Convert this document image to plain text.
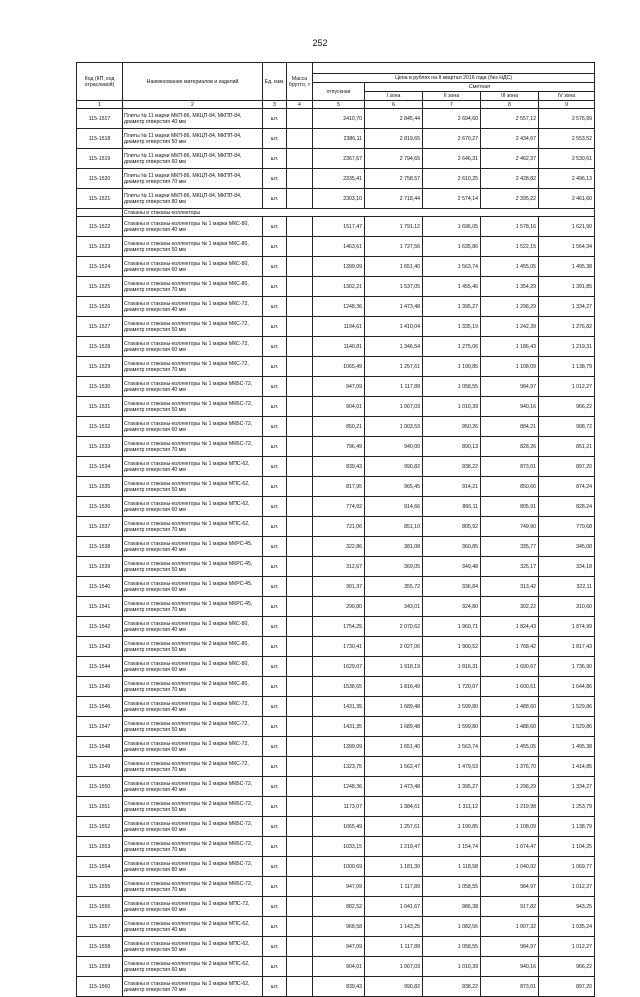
252
Код (КП, код отраслевой)	Наименование материалов и изделий	Ед. изм.	Масса брутто, т					
				Цена в рублях на II квартал 2016 года (без НДС)				
				отпускная	Сметная			
					I зона	II зона	III зона	IV зона
1	2	3	4	5	6	7	8	9
115-1517	Плиты № 11 марки МКП-86, МКЦП-84, МКПП-84, диаметр отверстия 40 мм	шт.		2410,70	2 845,44	2 694,60	2 557,12	2 576,99
115-1518	Плиты № 11 марки МКП-86, МКЦП-84, МКПП-84, диаметр отверстия 50 мм	шт.		2386,11	2 819,65	2 670,27	2 434,67	2 553,52
115-1519	Плиты № 11 марки МКП-86, МКЦП-84, МКПП-84, диаметр отверстия 60 мм	шт.		2367,67	2 794,65	2 646,31	2 462,37	2 530,61
115-1520	Плиты № 11 марки МКП-86, МКЦП-84, МКПП-84, диаметр отверстия 70 мм	шт.		2335,41	2 758,57	2 610,25	2 428,82	2 496,13
115-1521	Плиты № 11 марки МКП-86, МКЦП-84, МКПП-84, диаметр отверстия 80 мм	шт.		2303,10	2 718,44	2 574,14	2 395,22	2 461,60
	Стаканы и стаканы-коллекторы							
115-1522	Стаканы и стаканы-коллекторы № 1 марки МКС-80, диаметр отверстия 40 мм	шт.		1517,47	1 791,12	1 696,05	1 578,16	1 621,90
115-1523	Стаканы и стаканы-коллекторы № 1 марки МКС-80, диаметр отверстия 50 мм	шт.		1463,61	1 727,56	1 635,86	1 522,15	1 564,34
115-1524	Стаканы и стаканы-коллекторы № 1 марки МКС-80, диаметр отверстия 60 мм	шт.		1399,09	1 651,40	1 563,74	1 455,05	1 495,38
115-1525	Стаканы и стаканы-коллекторы № 1 марки МКС-80, диаметр отверстия 70 мм	шт.		1302,21	1 537,05	1 455,46	1 354,29	1 391,85
115-1526	Стаканы и стаканы-коллекторы № 1 марки МКС-72, диаметр отверстия 40 мм	шт.		1248,36	1 473,48	1 395,27	1 298,29	1 334,27
115-1527	Стаканы и стаканы-коллекторы № 1 марки МКС-72, диаметр отверстия 50 мм	шт.		1194,61	1 410,04	1 335,19	1 242,39	1 276,82
115-1528	Стаканы и стаканы-коллекторы № 1 марки МКС-72, диаметр отверстия 60 мм	шт.		1140,81	1 346,54	1 275,06	1 186,43	1 219,31
115-1529	Стаканы и стаканы-коллекторы № 1 марки МКС-72, диаметр отверстия 70 мм	шт.		1065,49	1 257,61	1 190,85	1 108,09	1 138,79
115-1530	Стаканы и стаканы-коллекторы № 1 марки МКБС-72, диаметр отверстия 40 мм	шт.		947,09	1 117,89	1 058,55	984,97	1 012,27
115-1531	Стаканы и стаканы-коллекторы № 1 марки МКБС-72, диаметр отверстия 50 мм	шт.		904,01	1 067,03	1 010,39	940,16	966,22
115-1532	Стаканы и стаканы-коллекторы № 1 марки МКБС-72, диаметр отверстия 60 мм	шт.		850,21	1 003,53	950,26	884,21	908,72
115-1533	Стаканы и стаканы-коллекторы № 1 марки МКБС-72, диаметр отверстия 70 мм	шт.		796,49	940,00	890,13	828,26	851,21
115-1534	Стаканы и стаканы-коллекторы № 1 марки МПС-62, диаметр отверстия 40 мм	шт.		839,43	990,82	938,22	873,01	897,20
115-1535	Стаканы и стаканы-коллекторы № 1 марки МПС-62, диаметр отверстия 50 мм	шт.		817,95	965,45	914,21	850,66	874,24
115-1536	Стаканы и стаканы-коллекторы № 1 марки МПС-62, диаметр отверстия 60 мм	шт.		774,92	914,66	866,11	805,91	828,24
115-1537	Стаканы и стаканы-коллекторы № 1 марки МПС-62, диаметр отверстия 70 мм	шт.		721,06	851,10	805,92	749,90	770,68
115-1538	Стаканы и стаканы-коллекторы № 1 марки МКРС-45, диаметр отверстия 40 мм	шт.		322,86	381,08	360,85	335,77	345,08
115-1539	Стаканы и стаканы-коллекторы № 1 марки МКРС-45, диаметр отверстия 50 мм	шт.		312,67	369,05	349,48	325,17	334,18
115-1540	Стаканы и стаканы-коллекторы № 1 марки МКРС-45, диаметр отверстия 60 мм	шт.		301,37	355,72	336,84	313,42	322,11
115-1541	Стаканы и стаканы-коллекторы № 1 марки МКРС-45, диаметр отверстия 70 мм	шт.		290,80	343,01	324,80	302,22	310,60
115-1542	Стаканы и стаканы-коллекторы № 2 марки МКС-80, диаметр отверстия 40 мм	шт.		1754,25	2 070,62	1 960,71	1 824,43	1 874,99
115-1543	Стаканы и стаканы-коллекторы № 2 марки МКС-80, диаметр отверстия 50 мм	шт.		1730,41	2 027,06	1 900,52	1 768,42	1 817,43
115-1544	Стаканы и стаканы-коллекторы № 2 марки МКС-80, диаметр отверстия 60 мм	шт.		1629,07	1 918,19	1 816,31	1 690,67	1 736,90
115-1545	Стаканы и стаканы-коллекторы № 2 марки МКС-80, диаметр отверстия 70 мм	шт.		1538,65	1 816,49	1 720,07	1 600,51	1 644,86
115-1546	Стаканы и стаканы-коллекторы № 2 марки МКС-72, диаметр отверстия 40 мм	шт.		1431,35	1 689,48	1 599,80	1 488,60	1 529,86
115-1547	Стаканы и стаканы-коллекторы № 2 марки МКС-72, диаметр отверстия 50 мм	шт.		1431,35	1 689,48	1 599,80	1 488,60	1 529,86
115-1548	Стаканы и стаканы-коллекторы № 2 марки МКС-72, диаметр отверстия 60 мм	шт.		1399,09	1 651,40	1 563,74	1 455,05	1 495,38
115-1549	Стаканы и стаканы-коллекторы № 2 марки МКС-72, диаметр отверстия 70 мм	шт.		1323,75	1 562,47	1 479,53	1 376,70	1 414,85
115-1550	Стаканы и стаканы-коллекторы № 2 марки МКБС-72, диаметр отверстия 40 мм	шт.		1248,36	1 473,48	1 395,27	1 298,29	1 334,27
115-1551	Стаканы и стаканы-коллекторы № 2 марки МКБС-72, диаметр отверстия 50 мм	шт.		1173,07	1 384,61	1 311,12	1 219,98	1 253,79
115-1552	Стаканы и стаканы-коллекторы № 2 марки МКБС-72, диаметр отверстия 60 мм	шт.		1065,49	1 257,61	1 190,85	1 108,09	1 138,79
115-1553	Стаканы и стаканы-коллекторы № 2 марки МКБС-72, диаметр отверстия 70 мм	шт.		1033,15	1 219,47	1 154,74	1 074,47	1 104,25
115-1554	Стаканы и стаканы-коллекторы № 2 марки МКБС-72, диаметр отверстия 80 мм	шт.		1000,69	1 181,30	1 118,58	1 040,92	1 069,77
115-1555	Стаканы и стаканы-коллекторы № 2 марки МКБС-72, диаметр отверстия 70 мм	шт.		947,09	1 117,89	1 058,55	984,97	1 012,27
115-1556	Стаканы и стаканы-коллекторы № 2 марки МПС-72, диаметр отверстия 60 мм	шт.		882,52	1 041,67	986,38	917,82	943,25
115-1557	Стаканы и стаканы-коллекторы № 2 марки МПС-62, диаметр отверстия 40 мм	шт.		968,58	1 143,25	1 082,56	1 007,32	1 035,24
115-1558	Стаканы и стаканы-коллекторы № 2 марки МПС-62, диаметр отверстия 50 мм	шт.		947,09	1 117,89	1 058,55	984,97	1 012,27
115-1559	Стаканы и стаканы-коллекторы № 2 марки МПС-62, диаметр отверстия 60 мм	шт.		904,01	1 067,03	1 010,39	940,16	966,22
115-1560	Стаканы и стаканы-коллекторы № 2 марки МПС-62, диаметр отверстия 70 мм	шт.		839,43	990,82	938,22	873,01	897,20
